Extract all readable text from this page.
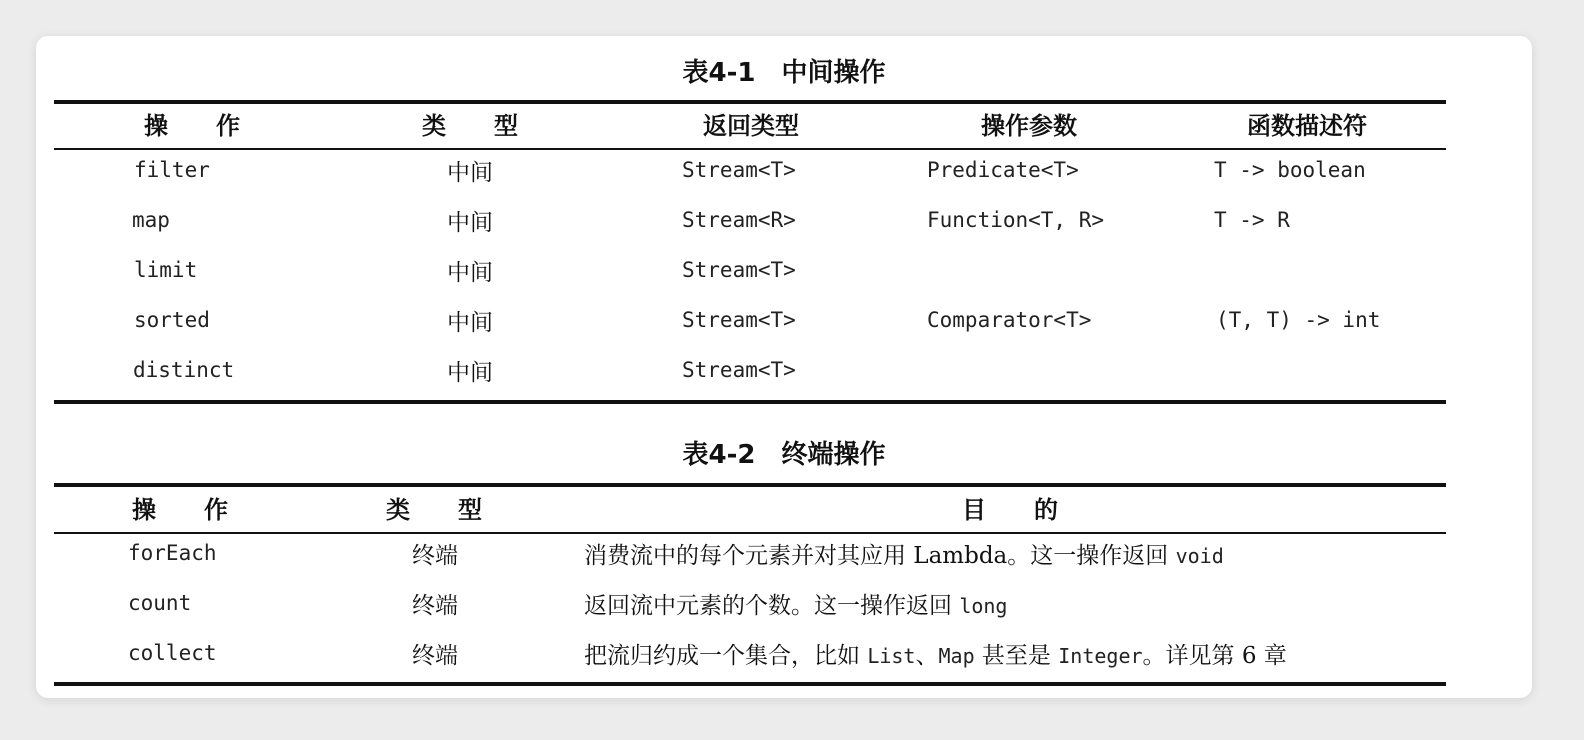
表4-1　中间操作
操　　作	类　　型	返回类型	操作参数	函数描述符
filter	中间	Stream<T>	Predicate<T>	T -> boolean
map	中间	Stream<R>	Function<T, R>	T -> R
limit	中间	Stream<T>
sorted	中间	Stream<T>	Comparator<T>	(T, T) -> int
distinct	中间	Stream<T>
表4-2　终端操作
操　　作	类　　型	目　　的
forEach	终端	消费流中的每个元素并对其应用 Lambda。这一操作返回 void
count	终端	返回流中元素的个数。这一操作返回 long
collect	终端	把流归约成一个集合，比如 List、Map 甚至是 Integer。详见第 6 章
